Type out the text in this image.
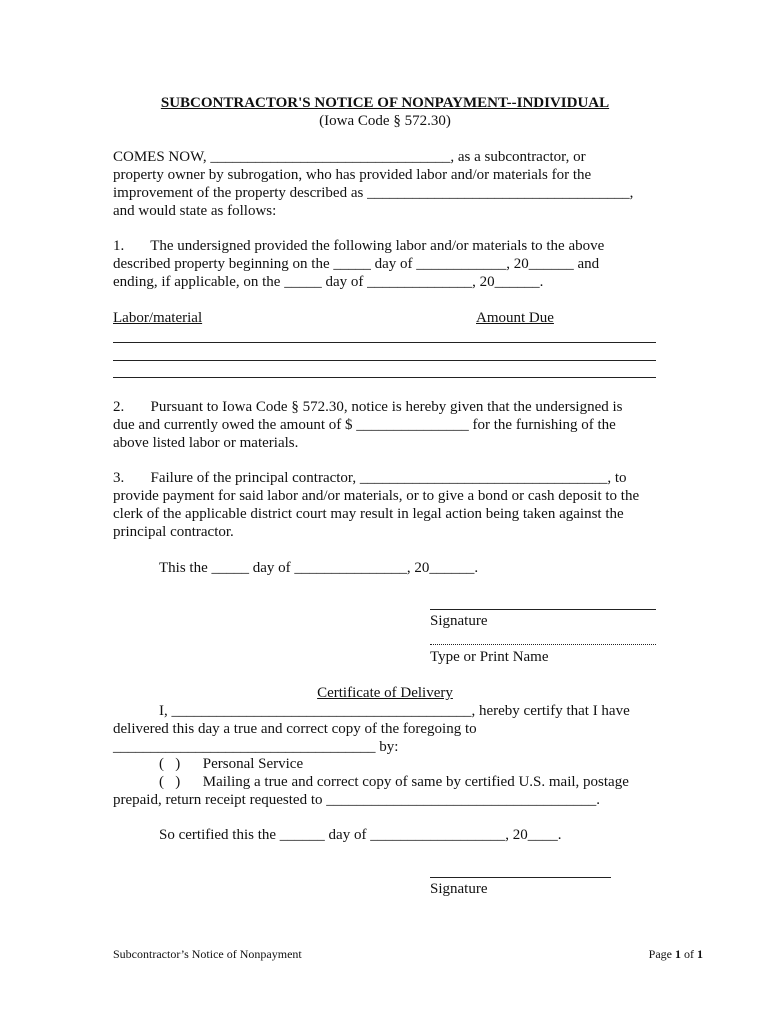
SUBCONTRACTOR'S NOTICE OF NONPAYMENT--INDIVIDUAL
(Iowa Code § 572.30)
COMES NOW, ________________________________, as a subcontractor, or
property owner by subrogation, who has provided labor and/or materials for the
improvement of the property described as ___________________________________,
and would state as follows:
1.       The undersigned provided the following labor and/or materials to the above
described property beginning on the _____ day of ____________, 20______ and
ending, if applicable, on the _____ day of ______________, 20______.
Labor/material	Amount Due
2.       Pursuant to Iowa Code § 572.30, notice is hereby given that the undersigned is
due and currently owed the amount of $ _______________ for the furnishing of the
above listed labor or materials.
3.       Failure of the principal contractor, _________________________________, to
provide payment for said labor and/or materials, or to give a bond or cash deposit to the
clerk of the applicable district court may result in legal action being taken against the
principal contractor.
This the _____ day of _______________, 20______.
Signature
Type or Print Name
Certificate of Delivery
I, ________________________________________, hereby certify that I have
delivered this day a true and correct copy of the foregoing to
___________________________________ by:
(   )      Personal Service
(   )      Mailing a true and correct copy of same by certified U.S. mail, postage
prepaid, return receipt requested to ____________________________________.
So certified this the ______ day of __________________, 20____.
Signature
Subcontractor’s Notice of Nonpayment	Page 1 of 1
